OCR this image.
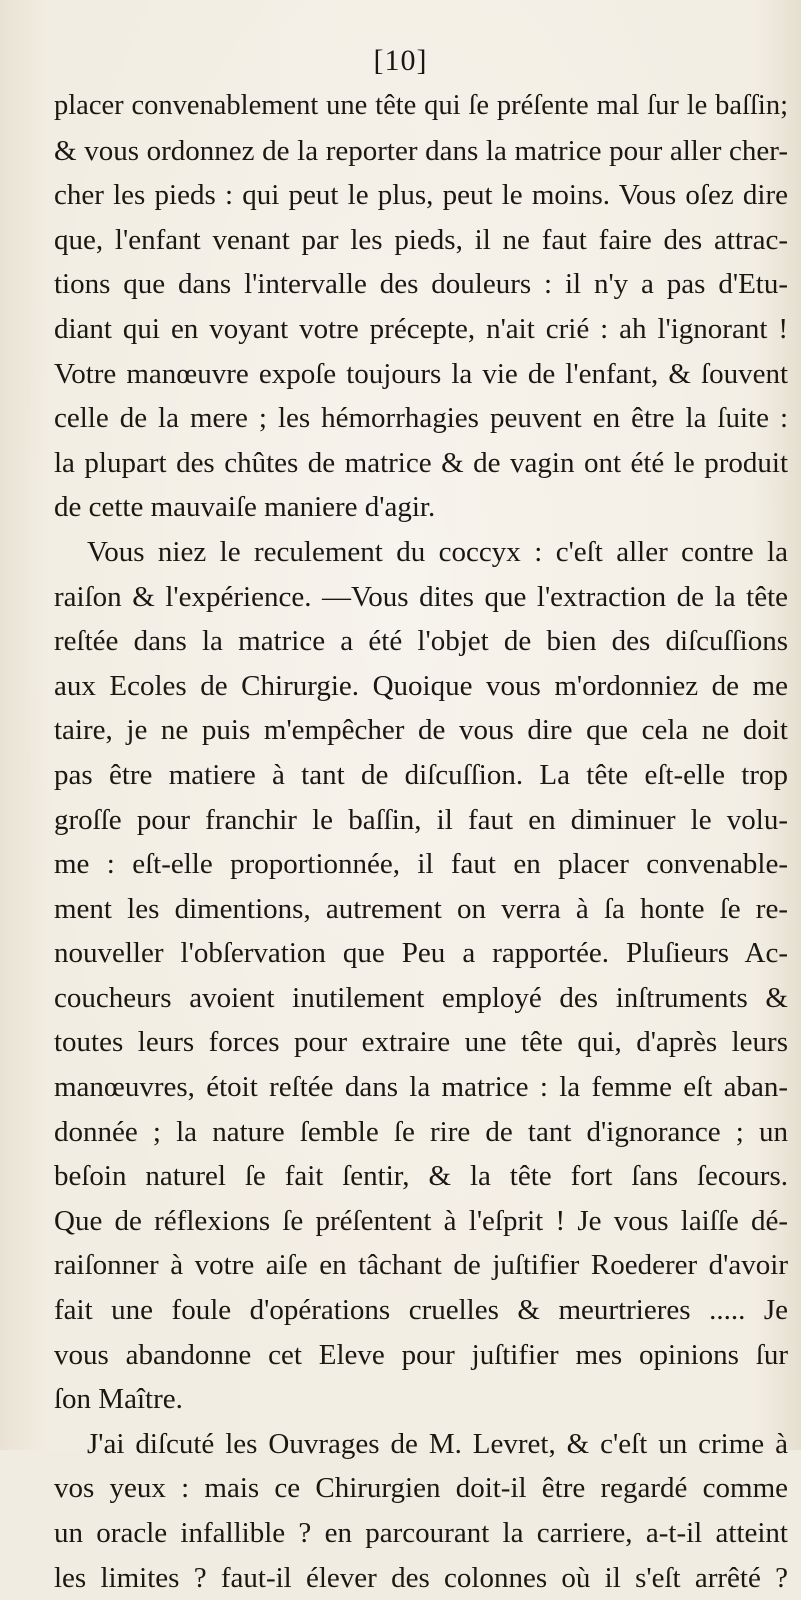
[10]
placer convenablement une tête qui ſe préſente mal ſur le baſſin;
& vous ordonnez de la reporter dans la matrice pour aller cher-
cher les pieds : qui peut le plus, peut le moins. Vous oſez dire
que, l'enfant venant par les pieds, il ne faut faire des attrac-
tions que dans l'intervalle des douleurs : il n'y a pas d'Etu-
diant qui en voyant votre précepte, n'ait crié : ah l'ignorant !
Votre manœuvre expoſe toujours la vie de l'enfant, & ſouvent
celle de la mere ; les hémorrhagies peuvent en être la ſuite :
la plupart des chûtes de matrice & de vagin ont été le produit
de cette mauvaiſe maniere d'agir.
Vous niez le reculement du coccyx : c'eſt aller contre la
raiſon & l'expérience. —Vous dites que l'extraction de la tête
reſtée dans la matrice a été l'objet de bien des diſcuſſions
aux Ecoles de Chirurgie. Quoique vous m'ordonniez de me
taire, je ne puis m'empêcher de vous dire que cela ne doit
pas être matiere à tant de diſcuſſion. La tête eſt-elle trop
groſſe pour franchir le baſſin, il faut en diminuer le volu-
me : eſt-elle proportionnée, il faut en placer convenable-
ment les dimentions, autrement on verra à ſa honte ſe re-
nouveller l'obſervation que Peu a rapportée. Pluſieurs Ac-
coucheurs avoient inutilement employé des inſtruments &
toutes leurs forces pour extraire une tête qui, d'après leurs
manœuvres, étoit reſtée dans la matrice : la femme eſt aban-
donnée ; la nature ſemble ſe rire de tant d'ignorance ; un
beſoin naturel ſe fait ſentir, & la tête fort ſans ſecours.
Que de réflexions ſe préſentent à l'eſprit ! Je vous laiſſe dé-
raiſonner à votre aiſe en tâchant de juſtifier Roederer d'avoir
fait une foule d'opérations cruelles & meurtrieres ..... Je
vous abandonne cet Eleve pour juſtifier mes opinions ſur
ſon Maître.
J'ai diſcuté les Ouvrages de M. Levret, & c'eſt un crime à
vos yeux : mais ce Chirurgien doit-il être regardé comme
un oracle infallible ? en parcourant la carriere, a-t-il atteint
les limites ? faut-il élever des colonnes où il s'eſt arrêté ?
